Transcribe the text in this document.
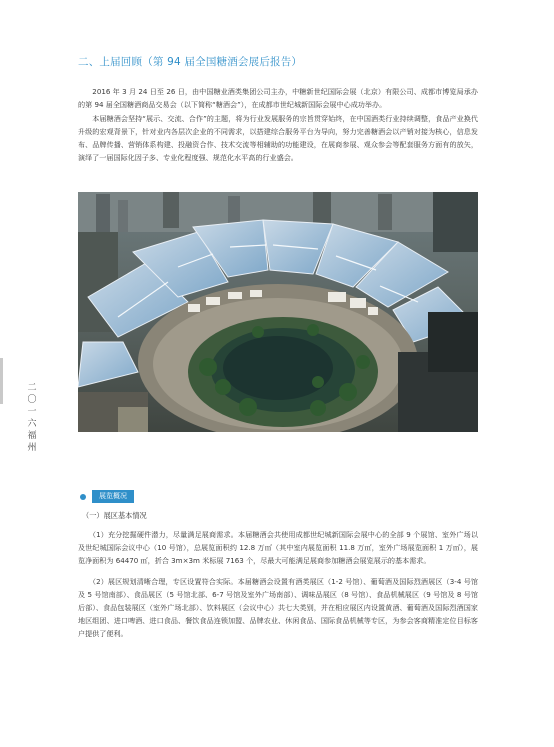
二、上届回顾（第 94 届全国糖酒会展后报告）
　　2016 年 3 月 24 日至 26 日，由中国糖业酒类集团公司主办，中糖新世纪国际会展（北京）有限公司、成都市博览局承办的第 94 届全国糖酒商品交易会（以下简称“糖酒会”），在成都市世纪城新国际会展中心成功举办。
　　本届糖酒会坚持“展示、交流、合作”的主题，将为行业发展服务的宗旨贯穿始终，在中国酒类行业持续调整，食品产业换代升级的宏观背景下，针对业内各层次企业的不同需求，以搭建综合服务平台为导向，努力完善糖酒会以产销对接为核心，信息发布、品牌传播、营销体系构建、投融资合作、技术交流等相辅助的功能建设，在展商参展、观众参会等配套服务方面有的放矢，演绎了一届国际化因子多、专业化程度强、规范化水平高的行业盛会。
二
〇
一
六
福
州
展览概况
（一）展区基本情况
　　（1）充分挖掘硬件潜力，尽量满足展商需求。本届糖酒会共使用成都世纪城新国际会展中心的全部 9 个展馆、室外广场以及世纪城国际会议中心（10 号馆），总展览面积约 12.8 万㎡（其中室内展览面积 11.8 万㎡，室外广场展览面积 1 万㎡），展览净面积为 64470 ㎡，折合 3m×3m 米标展 7163 个，尽最大可能满足展商参加糖酒会展览展示的基本需求。
　　（2）展区规划清晰合理，专区设置符合实际。本届糖酒会设置有酒类展区（1-2 号馆）、葡萄酒及国际烈酒展区（3-4 号馆及 5 号馆南部）、食品展区（5 号馆北部、6-7 号馆及室外广场南部）、调味品展区（8 号馆）、食品机械展区（9 号馆及 8 号馆后部）、食品包装展区（室外广场北部）、饮料展区（会议中心）共七大类别，并在相应展区内设置黄酒、葡萄酒及国际烈酒国家地区组团、进口啤酒、进口食品、餐饮食品连锁加盟、品牌农业、休闲食品、国际食品机械等专区，为参会客商精准定位目标客户提供了便利。
